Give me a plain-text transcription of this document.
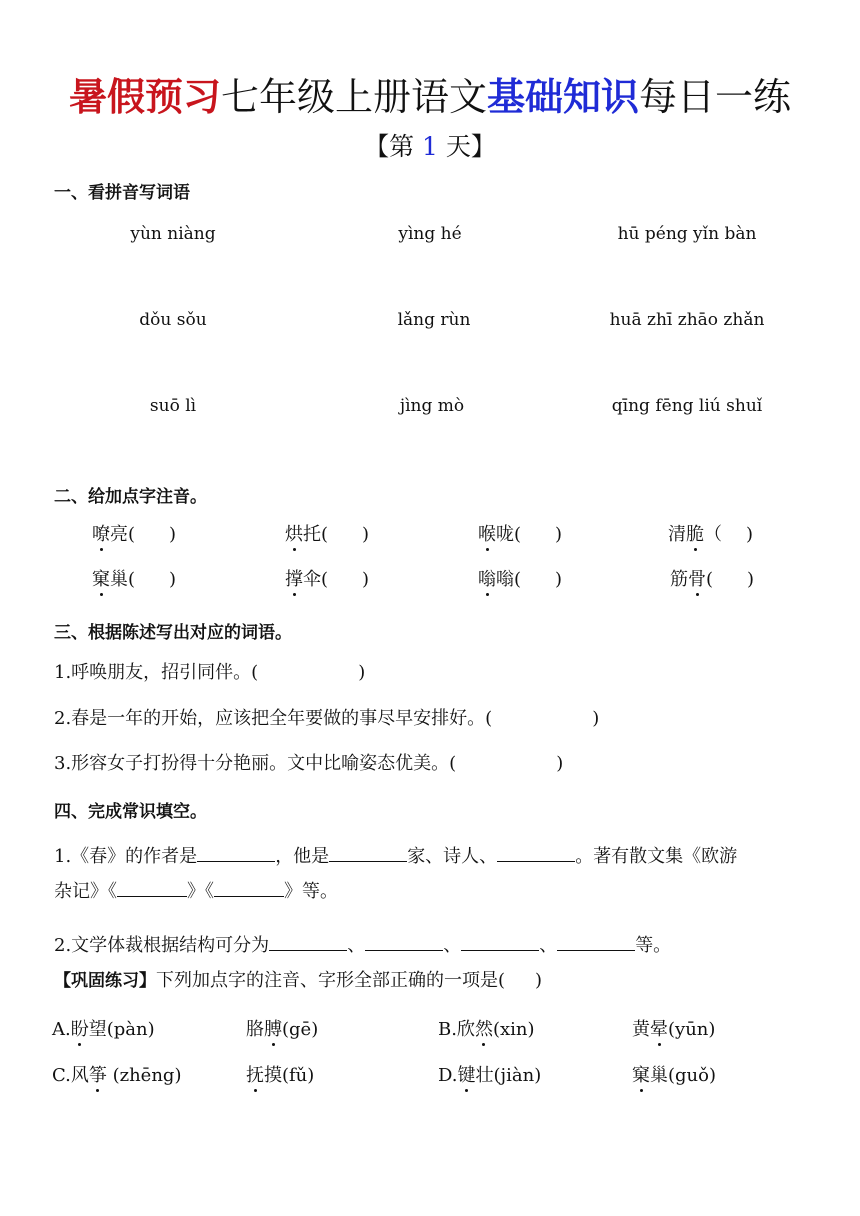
暑假预习七年级上册语文基础知识每日一练
【第 1 天】
一、看拼音写词语
yùn niàng	yìng hé	hū péng yǐn bàn
dǒu sǒu	lǎng rùn	huā zhī zhāo zhǎn
suō lì	jìng mò	qīng fēng liú shuǐ
二、给加点字注音。
嘹亮( )	烘托( )	喉咙( )	清脆（ )
窠巢( )	撑伞( )	嗡嗡( )	筋骨( )
三、根据陈述写出对应的词语。
1.呼唤朋友，招引同伴。(	)
2.春是一年的开始，应该把全年要做的事尽早安排好。(	)
3.形容女子打扮得十分艳丽。文中比喻姿态优美。(	)
四、完成常识填空。
1.《春》的作者是	，他是	家、诗人、	。著有散文集《欧游
杂记》《	》《	》等。
2.文学体裁根据结构可分为	、	、	、	等。
【巩固练习】下列加点字的注音、字形全部正确的一项是( )
A.盼望(pàn)	胳膊(gē)	B.欣然(xin)	黄晕(yūn)
C.风筝 (zhēng)	抚摸(fǔ)	D.键壮(jiàn)	窠巢(guǒ)
